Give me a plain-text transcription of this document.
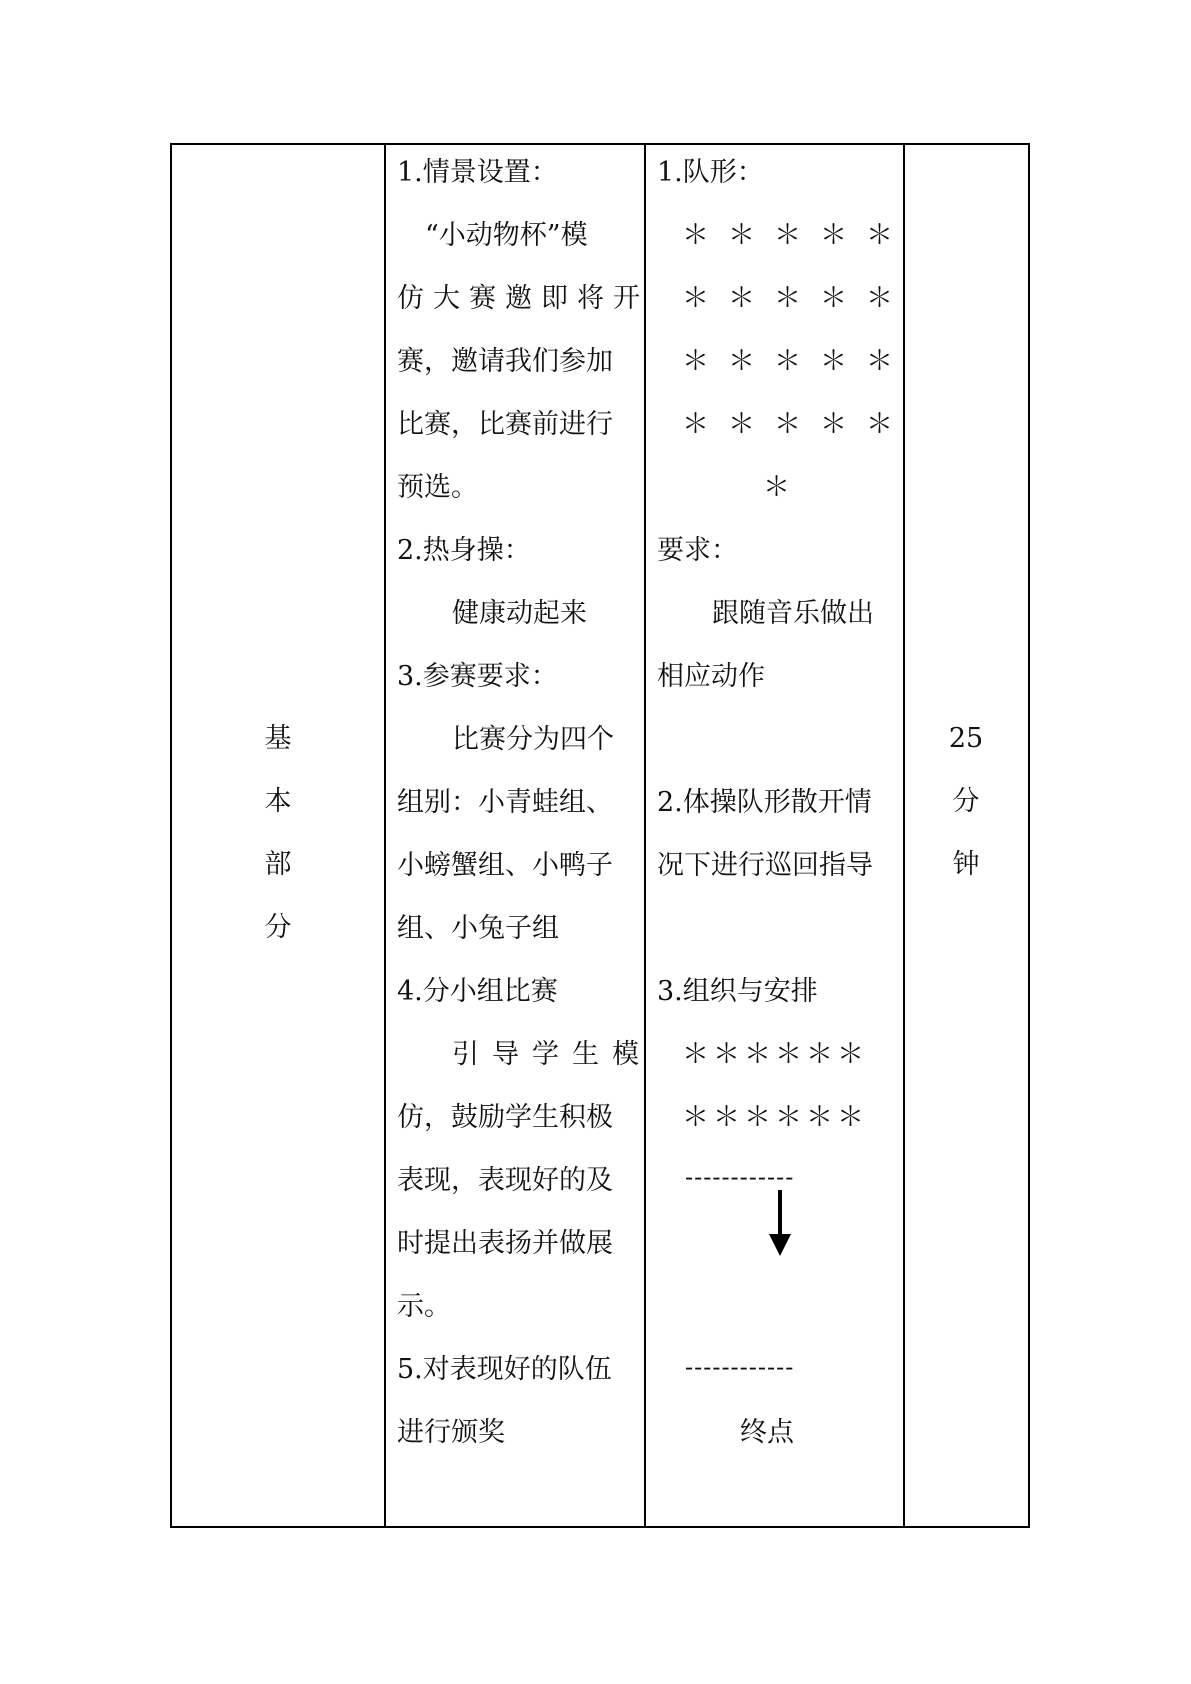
基
本
部
分
1.情景设置：
“小动物杯”模
仿大赛邀即将开
赛，邀请我们参加
比赛，比赛前进行
预选。
2.热身操：
健康动起来
3.参赛要求：
比赛分为四个
组别：小青蛙组、
小螃蟹组、小鸭子
组、小兔子组
4.分小组比赛
引导学生模
仿，鼓励学生积极
表现，表现好的及
时提出表扬并做展
示。
5.对表现好的队伍
进行颁奖
1.队形：
＊＊＊＊＊
＊＊＊＊＊
＊＊＊＊＊
＊＊＊＊＊
＊
要求：
跟随音乐做出
相应动作
2.体操队形散开情
况下进行巡回指导
3.组织与安排
＊＊＊＊＊＊
＊＊＊＊＊＊
------------
------------
终点
25
分
钟
